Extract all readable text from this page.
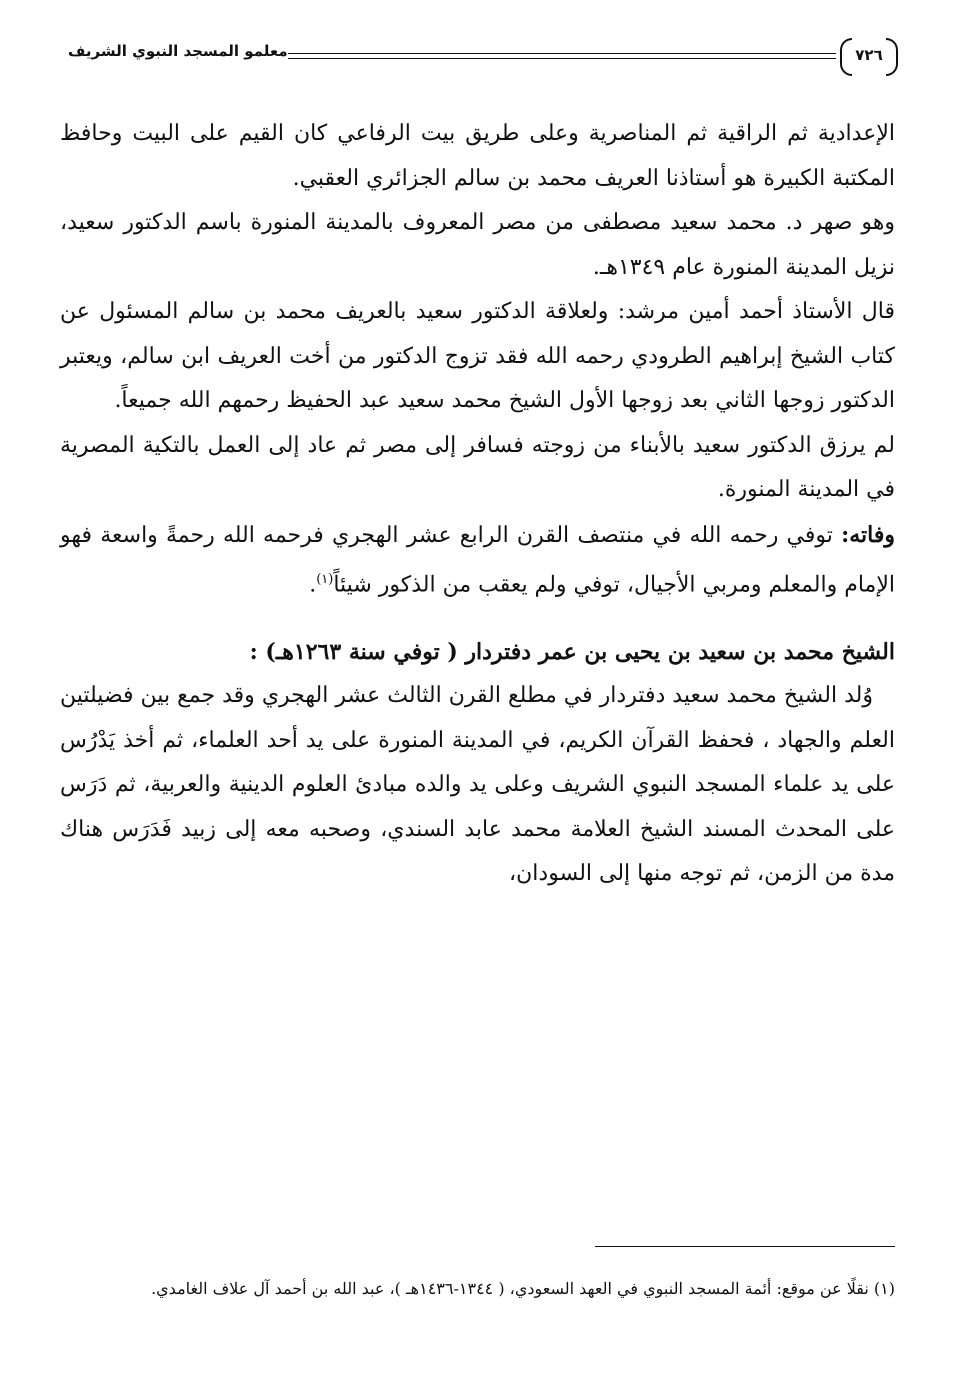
٧٢٦
معلمو المسجد النبوي الشريف

الإعدادية ثم الراقية ثم المناصرية وعلى طريق بيت الرفاعي كان القيم على البيت وحافظ المكتبة الكبيرة هو أستاذنا العريف محمد بن سالم الجزائري العقبي.

وهو صهر د. محمد سعيد مصطفى من مصر المعروف بالمدينة المنورة باسم الدكتور سعيد، نزيل المدينة المنورة عام ١٣٤٩هـ.

قال الأستاذ أحمد أمين مرشد: ولعلاقة الدكتور سعيد بالعريف محمد بن سالم المسئول عن كتاب الشيخ إبراهيم الطرودي رحمه الله فقد تزوج الدكتور من أخت العريف ابن سالم، ويعتبر الدكتور زوجها الثاني بعد زوجها الأول الشيخ محمد سعيد عبد الحفيظ رحمهم الله جميعاً.

لم يرزق الدكتور سعيد بالأبناء من زوجته فسافر إلى مصر ثم عاد إلى العمل بالتكية المصرية في المدينة المنورة.

وفاته: توفي رحمه الله في منتصف القرن الرابع عشر الهجري فرحمه الله رحمةً واسعة فهو الإمام والمعلم ومربي الأجيال، توفي ولم يعقب من الذكور شيئاً$^{(١)}$.

الشيخ محمد بن سعيد بن يحيى بن عمر دفتردار ( توفي سنة ١٢٦٣هـ) :

وُلد الشيخ محمد سعيد دفتردار في مطلع القرن الثالث عشر الهجري وقد جمع بين فضيلتين العلم والجهاد ، فحفظ القرآن الكريم، في المدينة المنورة على يد أحد العلماء، ثم أخذ يَدْرُس على يد علماء المسجد النبوي الشريف وعلى يد والده مبادئ العلوم الدينية والعربية، ثم دَرَس على المحدث المسند الشيخ العلامة محمد عابد السندي، وصحبه معه إلى زبيد فَدَرَس هناك مدة من الزمن، ثم توجه منها إلى السودان،

(١) نقلًا عن موقع: أئمة المسجد النبوي في العهد السعودي، ( ١٣٤٤-١٤٣٦هـ )، عبد الله بن أحمد آل علاف الغامدي.
